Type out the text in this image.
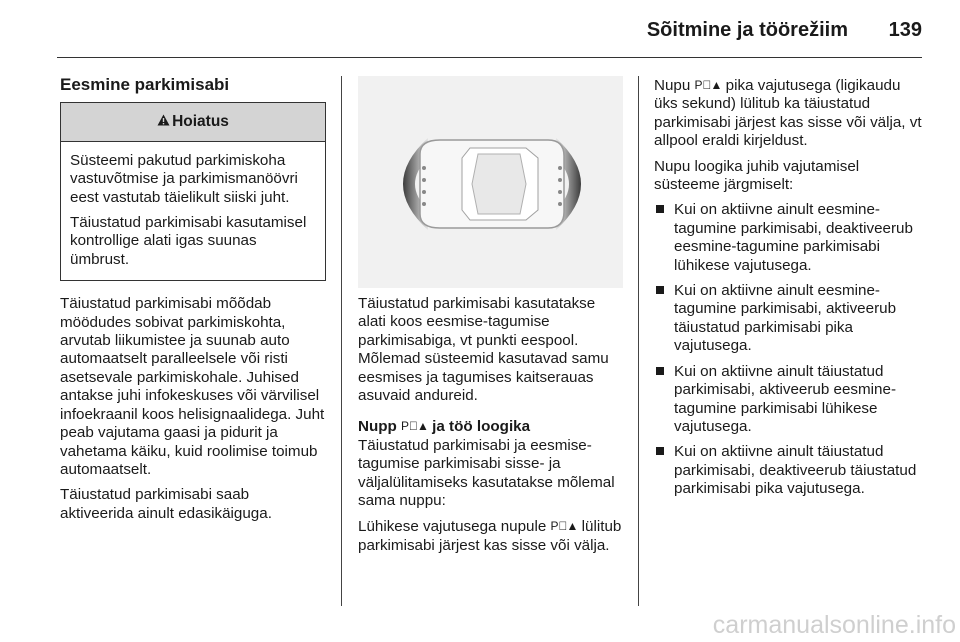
Sõitmine ja töörežiim 139
Eesmine parkimisabi
Hoiatus

Süsteemi pakutud parkimiskoha vastuvõtmise ja parkimismanöövri eest vastutab täielikult siiski juht.

Täiustatud parkimisabi kasutamisel kontrollige alati igas suunas ümbrust.

Täiustatud parkimisabi mõõdab möödudes sobivat parkimiskohta, arvutab liikumistee ja suunab auto automaatselt paralleelsele või risti asetsevale parkimiskohale. Juhised antakse juhi infokeskuses või värvilisel infoekraanil koos helisignaalidega. Juht peab vajutama gaasi ja pidurit ja vahetama käiku, kuid roolimise toimub automaatselt.

Täiustatud parkimisabi saab aktiveerida ainult edasikäiguga.

Täiustatud parkimisabi kasutatakse alati koos eesmise-tagumise parkimisabiga, vt punkti eespool. Mõlemad süsteemid kasutavad samu eesmises ja tagumises kaitserauas asuvaid andureid.

Nupp P⃣▲ ja töö loogika

Täiustatud parkimisabi ja eesmise-tagumise parkimisabi sisse- ja väljalülitamiseks kasutatakse mõlemal sama nuppu:

Lühikese vajutusega nupule P⃣▲ lülitub parkimisabi järjest kas sisse või välja.

Nupu P⃣▲ pika vajutusega (ligikaudu üks sekund) lülitub ka täiustatud parkimisabi järjest kas sisse või välja, vt allpool eraldi kirjeldust.

Nupu loogika juhib vajutamisel süsteeme järgmiselt:

Kui on aktiivne ainult eesmine-tagumine parkimisabi, deaktiveerub eesmine-tagumine parkimisabi lühikese vajutusega.
Kui on aktiivne ainult eesmine-tagumine parkimisabi, aktiveerub täiustatud parkimisabi pika vajutusega.
Kui on aktiivne ainult täiustatud parkimisabi, aktiveerub eesmine-tagumine parkimisabi lühikese vajutusega.
Kui on aktiivne ainult täiustatud parkimisabi, deaktiveerub täiustatud parkimisabi pika vajutusega.
carmanualsonline.info
